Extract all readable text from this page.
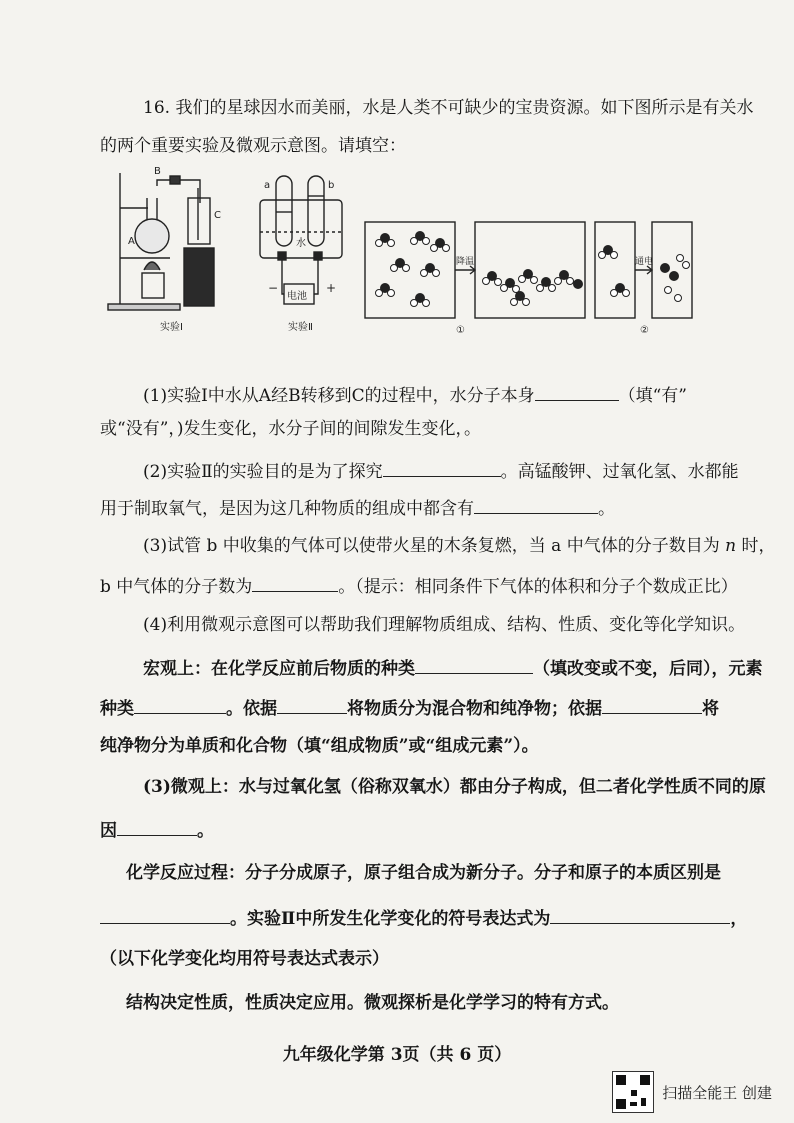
16. 我们的星球因水而美丽，水是人类不可缺少的宝贵资源。如下图所示是有关水
的两个重要实验及微观示意图。请填空：
A
B
C
a	b
水
−	+
电池
降温	通电
①	②
实验Ⅰ	实验Ⅱ
(1)实验Ⅰ中水从A经B转移到C的过程中，水分子本身	（填“有”
或“没有”，)发生变化，水分子间的间隙发生变化，。
(2)实验Ⅱ的实验目的是为了探究	。高锰酸钾、过氧化氢、水都能
用于制取氧气，是因为这几种物质的组成中都含有	。
(3)试管 b 中收集的气体可以使带火星的木条复燃，当 a 中气体的分子数目为 n 时，
b 中气体的分子数为	。（提示：相同条件下气体的体积和分子个数成正比）
(4)利用微观示意图可以帮助我们理解物质组成、结构、性质、变化等化学知识。
宏观上：在化学反应前后物质的种类	（填改变或不变，后同），元素
种类	。依据	将物质分为混合物和纯净物；依据	将
纯净物分为单质和化合物（填“组成物质”或“组成元素”）。
(3)微观上：水与过氧化氢（俗称双氧水）都由分子构成，但二者化学性质不同的原
因	。
化学反应过程：分子分成原子，原子组合成为新分子。分子和原子的本质区别是
。实验Ⅱ中所发生化学变化的符号表达式为	，
（以下化学变化均用符号表达式表示）
结构决定性质，性质决定应用。微观探析是化学学习的特有方式。
九年级化学第 3页（共 6 页）
扫描全能王 创建
